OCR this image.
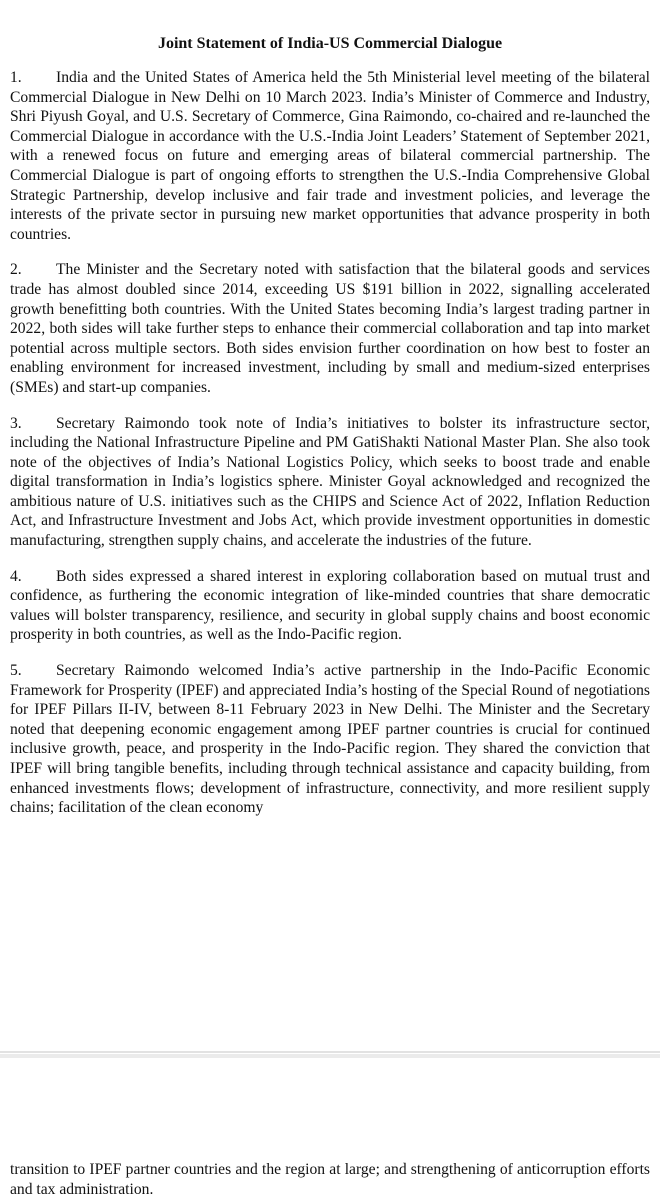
Joint Statement of India-US Commercial Dialogue

1. India and the United States of America held the 5th Ministerial level meeting of the bilateral Commercial Dialogue in New Delhi on 10 March 2023. India’s Minister of Commerce and Industry, Shri Piyush Goyal, and U.S. Secretary of Commerce, Gina Raimondo, co-chaired and re-launched the Commercial Dialogue in accordance with the U.S.-India Joint Leaders’ Statement of September 2021, with a renewed focus on future and emerging areas of bilateral commercial partnership. The Commercial Dialogue is part of ongoing efforts to strengthen the U.S.-India Comprehensive Global Strategic Partnership, develop inclusive and fair trade and investment policies, and leverage the interests of the private sector in pursuing new market opportunities that advance prosperity in both countries.

2. The Minister and the Secretary noted with satisfaction that the bilateral goods and services trade has almost doubled since 2014, exceeding US $191 billion in 2022, signalling accelerated growth benefitting both countries. With the United States becoming India’s largest trading partner in 2022, both sides will take further steps to enhance their commercial collaboration and tap into market potential across multiple sectors. Both sides envision further coordination on how best to foster an enabling environment for increased investment, including by small and medium-sized enterprises (SMEs) and start-up companies.

3. Secretary Raimondo took note of India’s initiatives to bolster its infrastructure sector, including the National Infrastructure Pipeline and PM GatiShakti National Master Plan. She also took note of the objectives of India’s National Logistics Policy, which seeks to boost trade and enable digital transformation in India’s logistics sphere. Minister Goyal acknowledged and recognized the ambitious nature of U.S. initiatives such as the CHIPS and Science Act of 2022, Inflation Reduction Act, and Infrastructure Investment and Jobs Act, which provide investment opportunities in domestic manufacturing, strengthen supply chains, and accelerate the industries of the future.

4. Both sides expressed a shared interest in exploring collaboration based on mutual trust and confidence, as furthering the economic integration of like-minded countries that share democratic values will bolster transparency, resilience, and security in global supply chains and boost economic prosperity in both countries, as well as the Indo-Pacific region.

5. Secretary Raimondo welcomed India’s active partnership in the Indo-Pacific Economic Framework for Prosperity (IPEF) and appreciated India’s hosting of the Special Round of negotiations for IPEF Pillars II-IV, between 8-11 February 2023 in New Delhi. The Minister and the Secretary noted that deepening economic engagement among IPEF partner countries is crucial for continued inclusive growth, peace, and prosperity in the Indo-Pacific region. They shared the conviction that IPEF will bring tangible benefits, including through technical assistance and capacity building, from enhanced investments flows; development of infrastructure, connectivity, and more resilient supply chains; facilitation of the clean economy

transition to IPEF partner countries and the region at large; and strengthening of anticorruption efforts and tax administration.
